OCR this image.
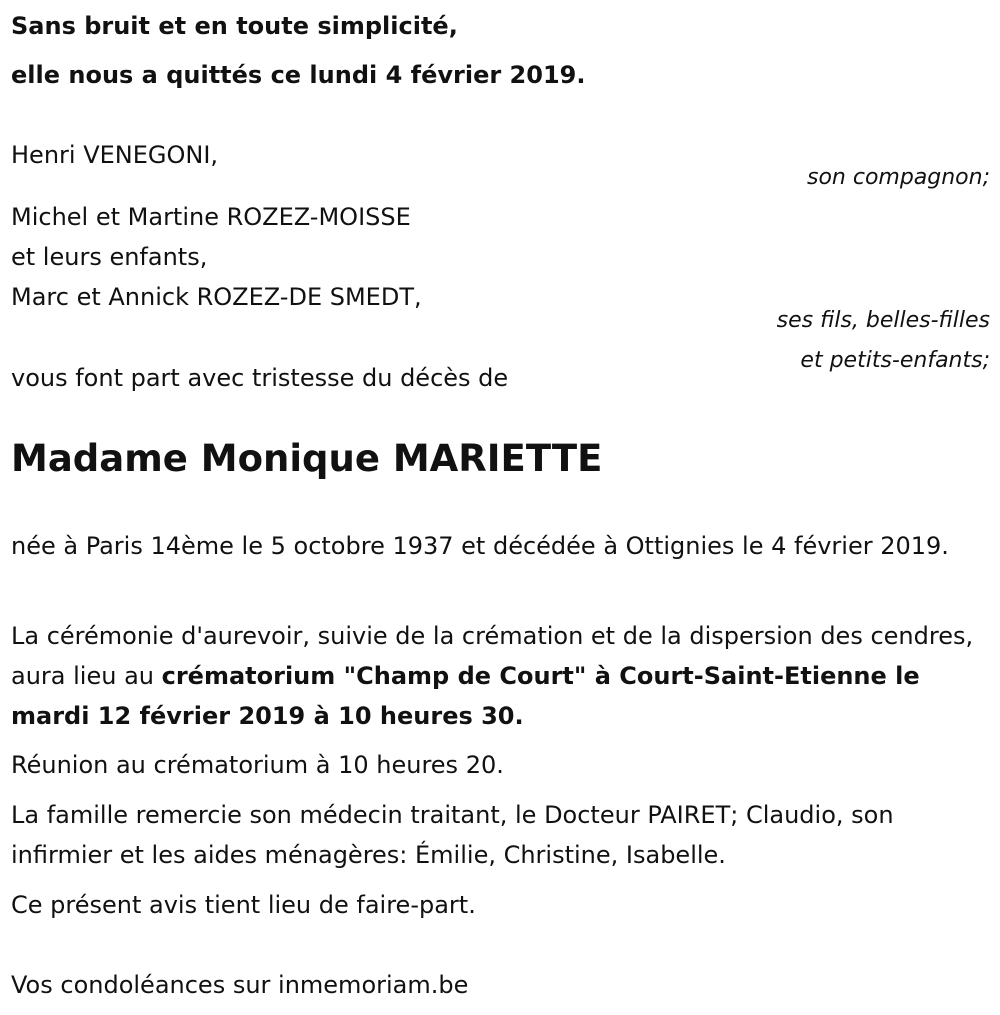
Sans bruit et en toute simplicité,
elle nous a quittés ce lundi 4 février 2019.
Henri VENEGONI,
son compagnon;
Michel et Martine ROZEZ-MOISSE
et leurs enfants,
Marc et Annick ROZEZ-DE SMEDT,
ses fils, belles-filles
et petits-enfants;
vous font part avec tristesse du décès de
Madame Monique MARIETTE
née à Paris 14ème le 5 octobre 1937 et décédée à Ottignies le 4 février 2019.
La cérémonie d'aurevoir, suivie de la crémation et de la dispersion des cendres, aura lieu au crématorium "Champ de Court" à Court-Saint-Etienne le mardi 12 février 2019 à 10 heures 30.
Réunion au crématorium à 10 heures 20.
La famille remercie son médecin traitant, le Docteur PAIRET; Claudio, son infirmier et les aides ménagères: Émilie, Christine, Isabelle.
Ce présent avis tient lieu de faire-part.
Vos condoléances sur inmemoriam.be
